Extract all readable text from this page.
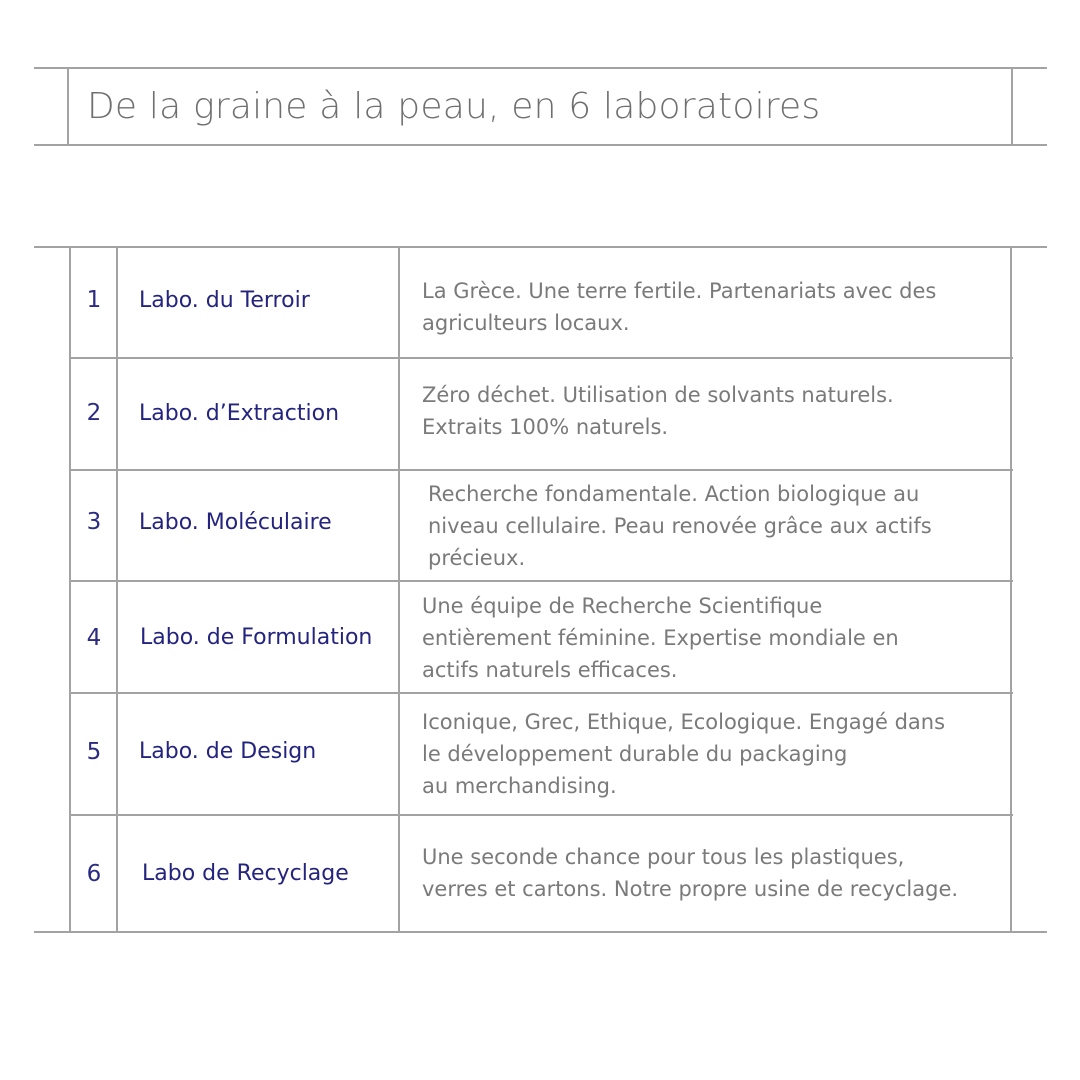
De la graine à la peau, en 6 laboratoires
1	Labo. du Terroir	La Grèce. Une terre fertile. Partenariats avec des
agriculteurs locaux.
2	Labo. d’Extraction
Zéro déchet. Utilisation de solvants naturels.
Extraits 100% naturels.
3	Labo. Moléculaire
Recherche fondamentale. Action biologique au
niveau cellulaire. Peau renovée grâce aux actifs
précieux.
4	Labo. de Formulation
Une équipe de Recherche Scientifique
entièrement féminine. Expertise mondiale en
actifs naturels efficaces.
5	Labo. de Design
Iconique, Grec, Ethique, Ecologique. Engagé dans
le développement durable du packaging
au merchandising.
6	Labo de Recyclage
Une seconde chance pour tous les plastiques,
verres et cartons. Notre propre usine de recyclage.
